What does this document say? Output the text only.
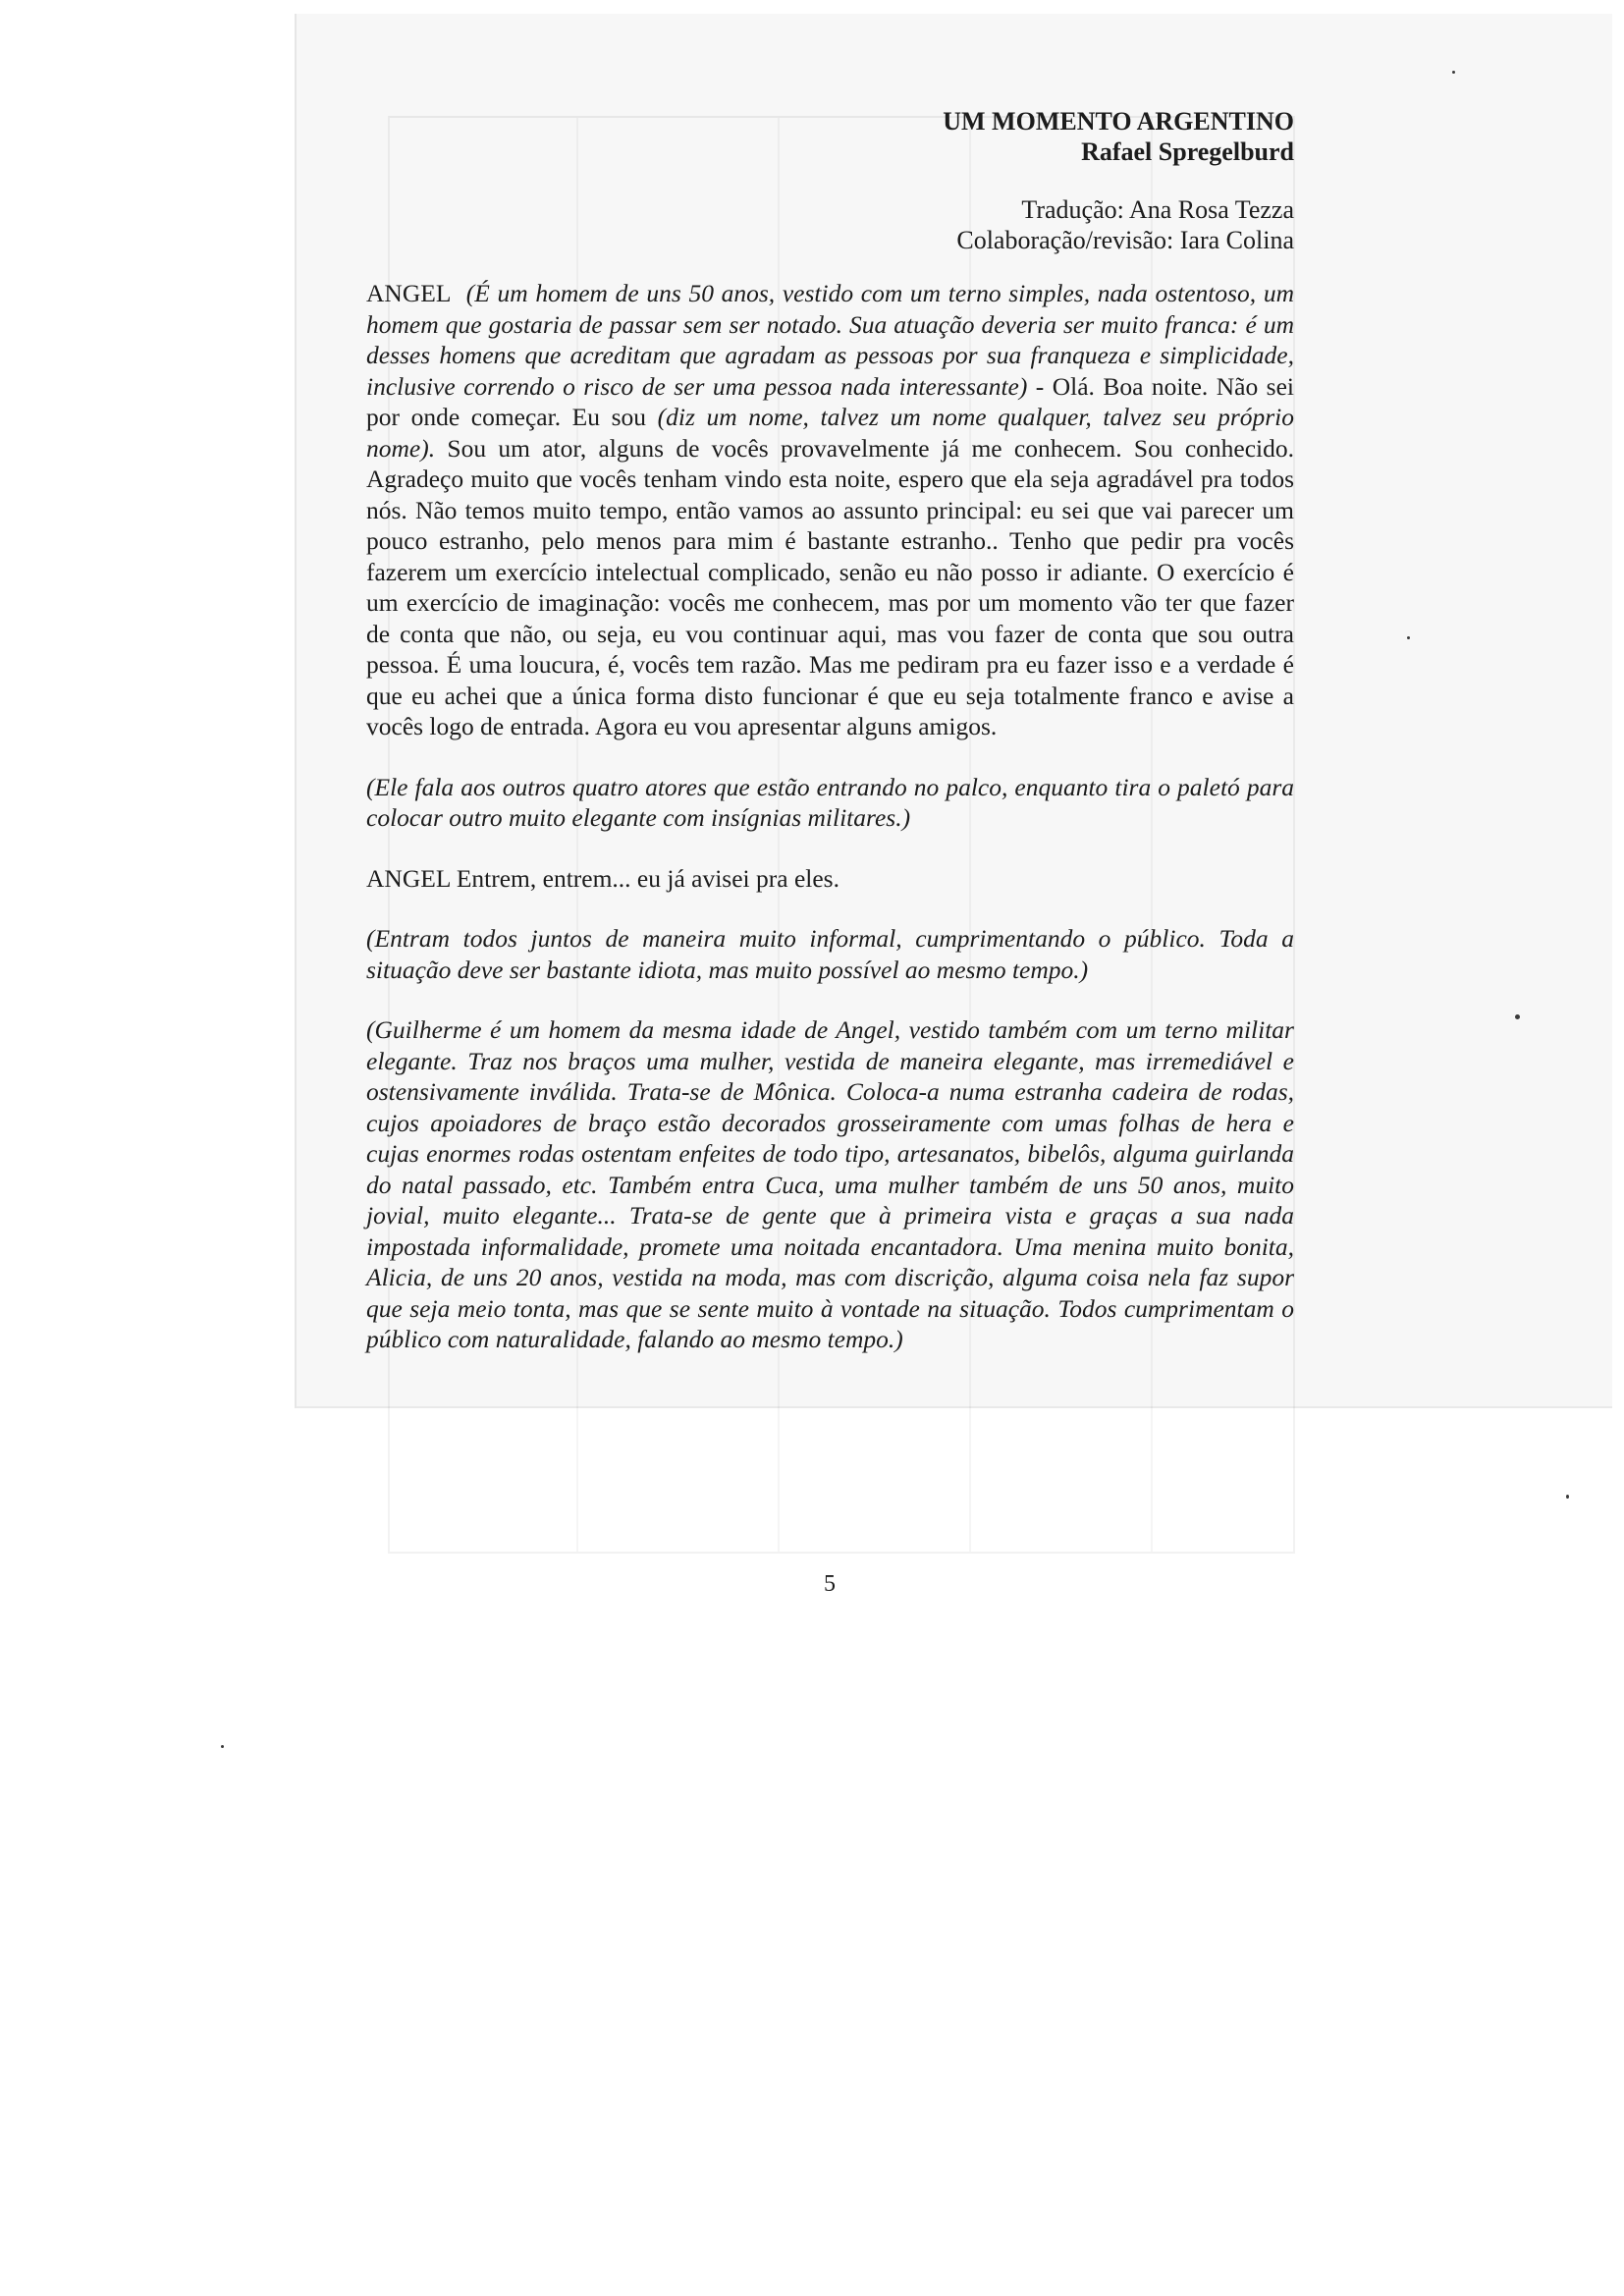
UM MOMENTO ARGENTINO
Rafael Spregelburd
Tradução: Ana Rosa Tezza
Colaboração/revisão: Iara Colina

ANGEL (É um homem de uns 50 anos, vestido com um terno simples, nada ostentoso, um homem que gostaria de passar sem ser notado. Sua atuação deveria ser muito franca: é um desses homens que acreditam que agradam as pessoas por sua franqueza e simplicidade, inclusive correndo o risco de ser uma pessoa nada interessante) - Olá. Boa noite. Não sei por onde começar. Eu sou (diz um nome, talvez um nome qualquer, talvez seu próprio nome). Sou um ator, alguns de vocês provavelmente já me conhecem. Sou conhecido. Agradeço muito que vocês tenham vindo esta noite, espero que ela seja agradável pra todos nós. Não temos muito tempo, então vamos ao assunto principal: eu sei que vai parecer um pouco estranho, pelo menos para mim é bastante estranho.. Tenho que pedir pra vocês fazerem um exercício intelectual complicado, senão eu não posso ir adiante. O exercício é um exercício de imaginação: vocês me conhecem, mas por um momento vão ter que fazer de conta que não, ou seja, eu vou continuar aqui, mas vou fazer de conta que sou outra pessoa. É uma loucura, é, vocês tem razão. Mas me pediram pra eu fazer isso e a verdade é que eu achei que a única forma disto funcionar é que eu seja totalmente franco e avise a vocês logo de entrada. Agora eu vou apresentar alguns amigos.

(Ele fala aos outros quatro atores que estão entrando no palco, enquanto tira o paletó para colocar outro muito elegante com insígnias militares.)

ANGEL Entrem, entrem... eu já avisei pra eles.

(Entram todos juntos de maneira muito informal, cumprimentando o público. Toda a situação deve ser bastante idiota, mas muito possível ao mesmo tempo.)

(Guilherme é um homem da mesma idade de Angel, vestido também com um terno militar elegante. Traz nos braços uma mulher, vestida de maneira elegante, mas irremediável e ostensivamente inválida. Trata-se de Mônica. Coloca-a numa estranha cadeira de rodas, cujos apoiadores de braço estão decorados grosseiramente com umas folhas de hera e cujas enormes rodas ostentam enfeites de todo tipo, artesanatos, bibelôs, alguma guirlanda do natal passado, etc. Também entra Cuca, uma mulher também de uns 50 anos, muito jovial, muito elegante... Trata-se de gente que à primeira vista e graças a sua nada impostada informalidade, promete uma noitada encantadora. Uma menina muito bonita, Alicia, de uns 20 anos, vestida na moda, mas com discrição, alguma coisa nela faz supor que seja meio tonta, mas que se sente muito à vontade na situação. Todos cumprimentam o público com naturalidade, falando ao mesmo tempo.)

5
